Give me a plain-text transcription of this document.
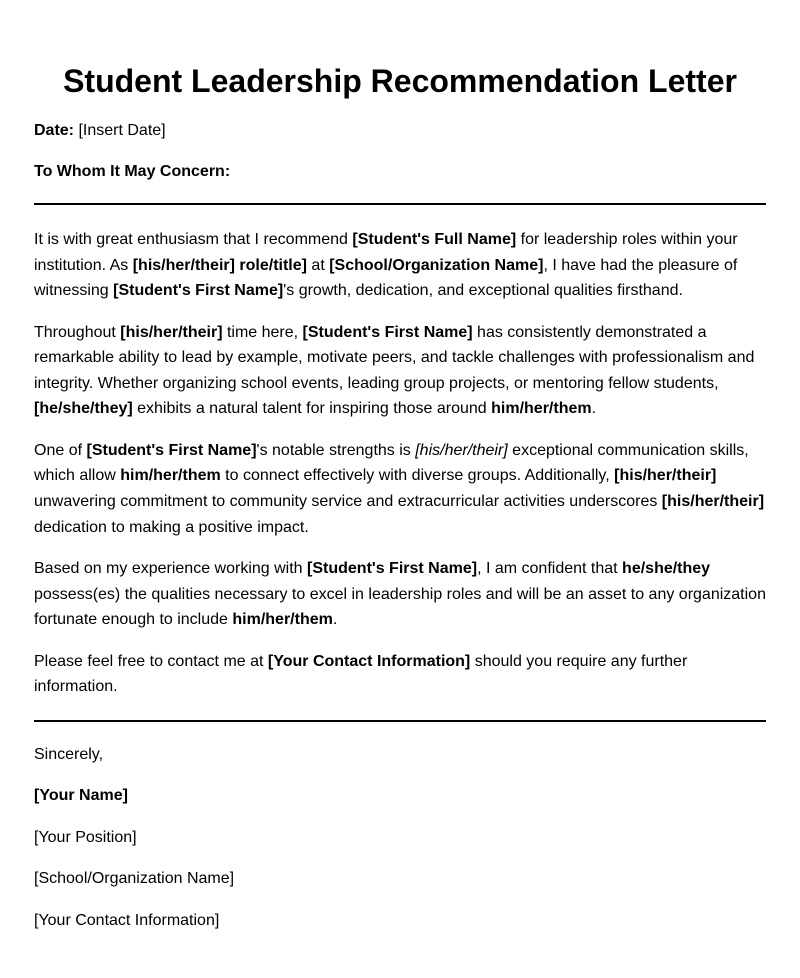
Student Leadership Recommendation Letter
Date: [Insert Date]
To Whom It May Concern:

It is with great enthusiasm that I recommend [Student's Full Name] for leadership roles within your institution. As [his/her/their] role/title] at [School/Organization Name], I have had the pleasure of witnessing [Student's First Name]'s growth, dedication, and exceptional qualities firsthand.

Throughout [his/her/their] time here, [Student's First Name] has consistently demonstrated a remarkable ability to lead by example, motivate peers, and tackle challenges with professionalism and integrity. Whether organizing school events, leading group projects, or mentoring fellow students, [he/she/they] exhibits a natural talent for inspiring those around him/her/them.

One of [Student's First Name]'s notable strengths is [his/her/their] exceptional communication skills, which allow him/her/them to connect effectively with diverse groups. Additionally, [his/her/their] unwavering commitment to community service and extracurricular activities underscores [his/her/their] dedication to making a positive impact.

Based on my experience working with [Student's First Name], I am confident that he/she/they possess(es) the qualities necessary to excel in leadership roles and will be an asset to any organization fortunate enough to include him/her/them.

Please feel free to contact me at [Your Contact Information] should you require any further information.

Sincerely,
[Your Name]
[Your Position]
[School/Organization Name]
[Your Contact Information]
